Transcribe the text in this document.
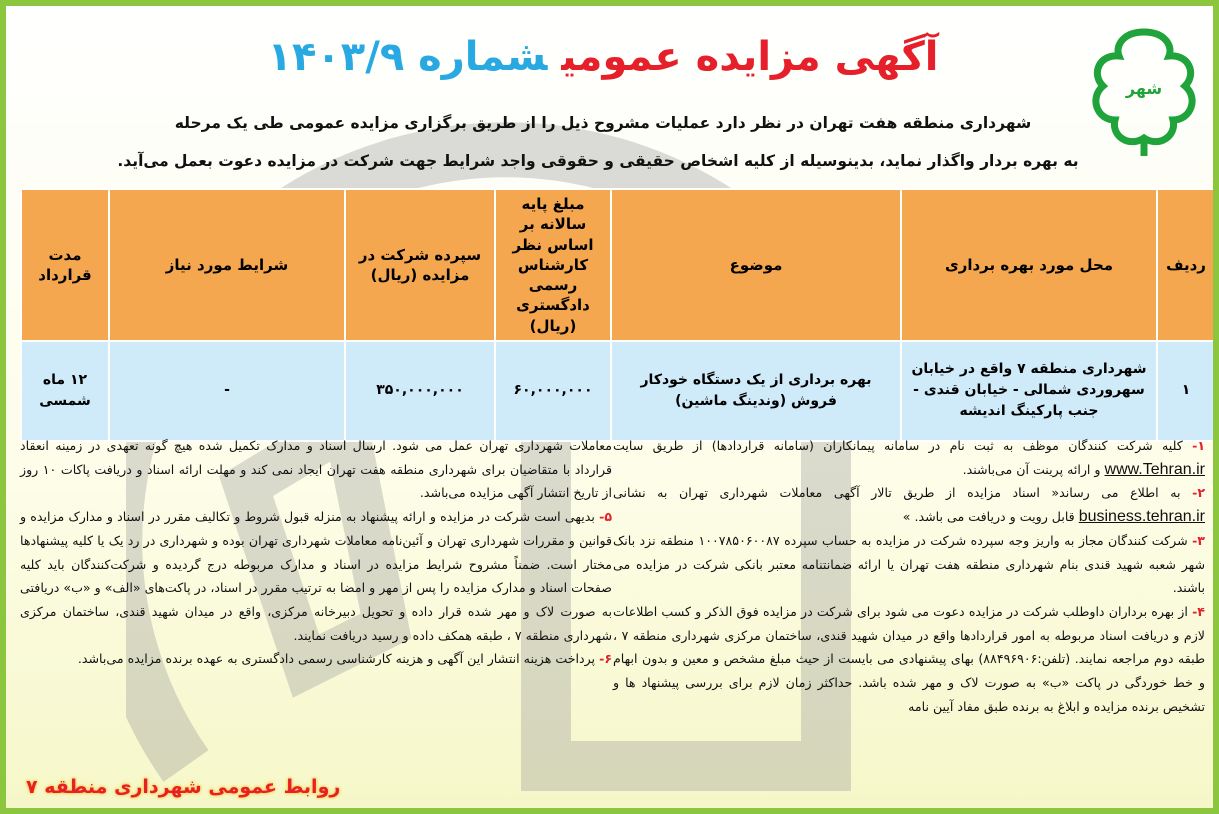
شهر
آگهی مزایده عمومیشماره ۱۴۰۳/۹
شهرداری منطقه هفت تهران در نظر دارد عملیات مشروح ذیل را از طریق برگزاری مزایده عمومی طی یک مرحله
به بهره بردار واگذار نماید، بدینوسیله از کلیه اشخاص حقیقی و حقوقی واجد شرایط جهت شرکت در مزایده دعوت بعمل می‌آید.
ردیف	محل مورد بهره برداری	موضوع	مبلغ پایه سالانه بر اساس نظر کارشناس رسمی دادگستری (ریال)	سپرده شرکت در مزایده (ریال)	شرایط مورد نیاز	مدت قرارداد
۱	شهرداری منطقه ۷ واقع در خیابان سهروردی شمالی - خیابان قندی - جنب پارکینگ اندیشه	بهره برداری از یک دستگاه خودکار فروش (وندینگ ماشین)	۶۰,۰۰۰,۰۰۰	۳۵۰,۰۰۰,۰۰۰	-	۱۲ ماه شمسی

۱- کلیه شرکت کنندگان موظف به ثبت نام در سامانه پیمانکاران (سامانه قراردادها) از طریق سایت www.Tehran.ir و ارائه پرینت آن می‌باشند.

۲- به اطلاع می رساند« اسناد مزایده از طریق تالار آگهی معاملات شهرداری تهران به نشانی business.tehran.ir قابل رویت و دریافت می باشد. »

۳- شرکت کنندگان مجاز به واریز وجه سپرده شرکت در مزایده به حساب سپرده ۱۰۰۷۸۵۰۶۰۰۸۷ منطقه نزد بانک شهر شعبه شهید قندی بنام شهرداری منطقه هفت تهران یا ارائه ضمانتنامه معتبر بانکی شرکت در مزایده می باشند.

۴- از بهره برداران داوطلب شرکت در مزایده دعوت می شود برای شرکت در مزایده فوق الذکر و کسب اطلاعات لازم و دریافت اسناد مربوطه به امور قراردادها واقع در میدان شهید قندی، ساختمان مرکزی شهرداری منطقه ۷ ، طبقه دوم مراجعه نمایند. (تلفن:۸۸۴۹۶۹۰۶) بهای پیشنهادی می بایست از حیث مبلغ مشخص و معین و بدون ابهام و خط خوردگی در پاکت «ب» به صورت لاک و مهر شده باشد. حداکثر زمان لازم برای بررسی پیشنهاد ها و تشخیص برنده مزایده و ابلاغ به برنده طبق مفاد آیین نامه

معاملات شهرداری تهران عمل می شود. ارسال اسناد و مدارک تکمیل شده هیچ گونه تعهدی در زمینه انعقاد قرارداد با متقاضیان برای شهرداری منطقه هفت تهران ایجاد نمی کند و مهلت ارائه اسناد و دریافت پاکات ۱۰ روز از تاریخ انتشار آگهی مزایده می‌باشد.

۵- بدیهی است شرکت در مزایده و ارائه پیشنهاد به منزله قبول شروط و تکالیف مقرر در اسناد و مدارک مزایده و قوانین و مقررات شهرداری تهران و آئین‌نامه معاملات شهرداری تهران بوده و شهرداری در رد یک یا کلیه پیشنهادها مختار است. ضمناً مشروح شرایط مزایده در اسناد و مدارک مربوطه درج گردیده و شرکت‌کنندگان باید کلیه صفحات اسناد و مدارک مزایده را پس از مهر و امضا به ترتیب مقرر در اسناد، در پاکت‌های «الف» و «ب» دریافتی به صورت لاک و مهر شده قرار داده و تحویل دبیرخانه مرکزی، واقع در میدان شهید قندی، ساختمان مرکزی شهرداری منطقه ۷ ، طبقه همکف داده و رسید دریافت نمایند.

۶- پرداخت هزینه انتشار این آگهی و هزینه کارشناسی رسمی دادگستری به عهده برنده مزایده می‌باشد.

روابط عمومی شهرداری منطقه ۷
